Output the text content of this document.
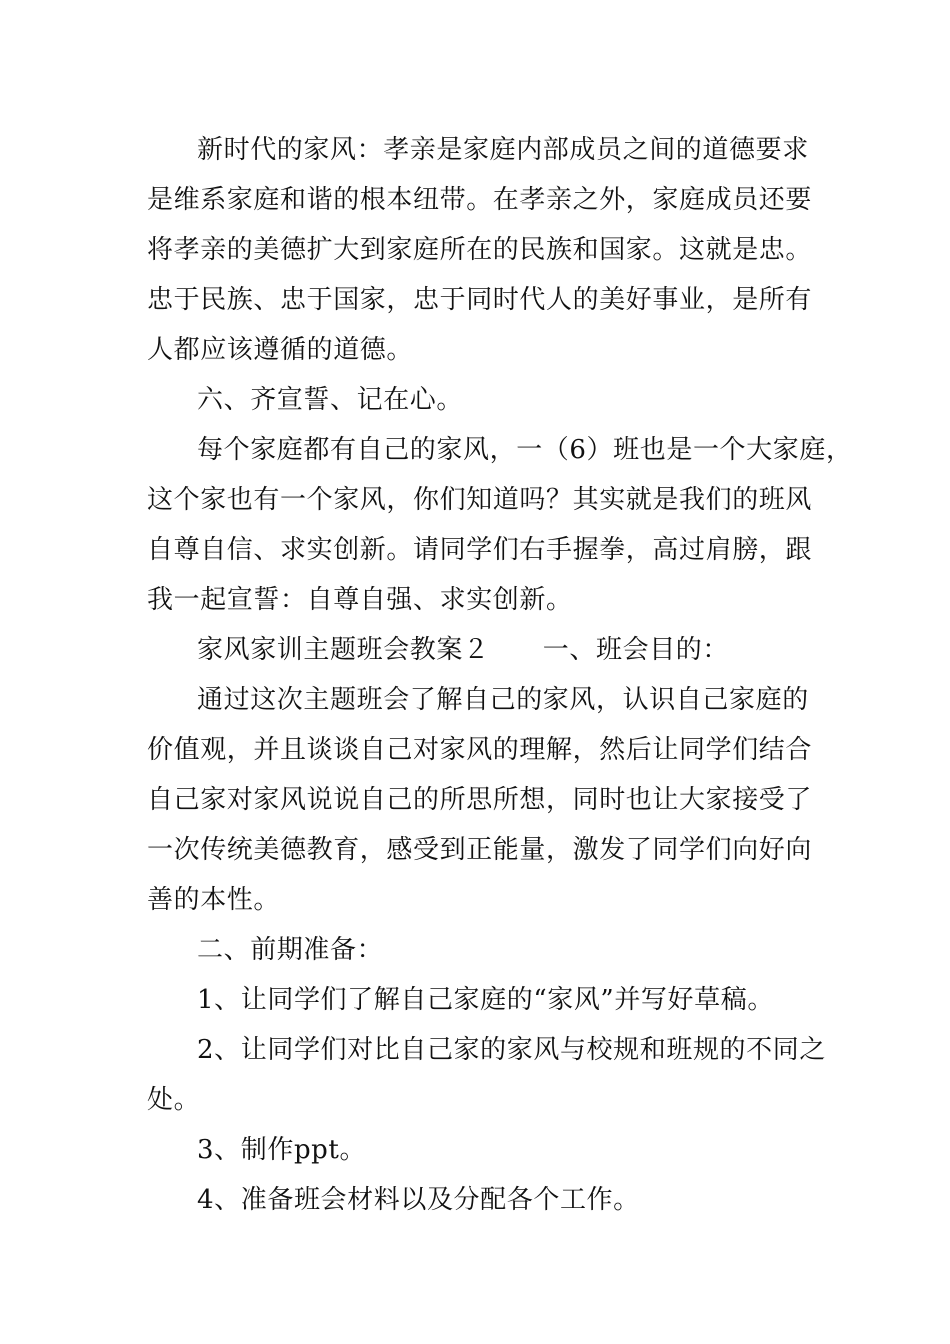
新时代的家风：孝亲是家庭内部成员之间的道德要求
是维系家庭和谐的根本纽带。在孝亲之外，家庭成员还要
将孝亲的美德扩大到家庭所在的民族和国家。这就是忠。
忠于民族、忠于国家，忠于同时代人的美好事业，是所有
人都应该遵循的道德。
六、齐宣誓、记在心。
每个家庭都有自己的家风，一（6）班也是一个大家庭，
这个家也有一个家风，你们知道吗？其实就是我们的班风
自尊自信、求实创新。请同学们右手握拳，高过肩膀，跟
我一起宣誓：自尊自强、求实创新。
家风家训主题班会教案２　　一、班会目的：
通过这次主题班会了解自己的家风，认识自己家庭的
价值观，并且谈谈自己对家风的理解，然后让同学们结合
自己家对家风说说自己的所思所想，同时也让大家接受了
一次传统美德教育，感受到正能量，激发了同学们向好向
善的本性。
二、前期准备：
1、让同学们了解自己家庭的“家风”并写好草稿。
2、让同学们对比自己家的家风与校规和班规的不同之
处。
3、制作ppt。
4、准备班会材料以及分配各个工作。
